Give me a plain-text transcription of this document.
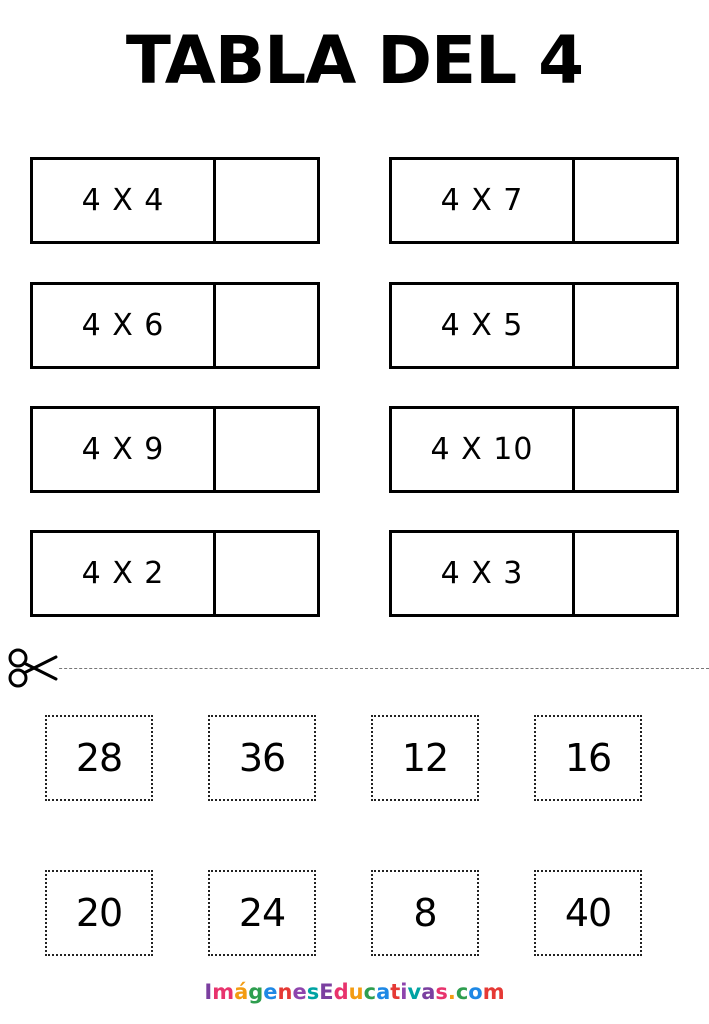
TABLA DEL 4
4 X 4	4 X 7
4 X 6	4 X 5
4 X 9	4 X 10
4 X 2	4 X 3
28	36	12	16
20	24	8	40
ImágenesEducativas.com
